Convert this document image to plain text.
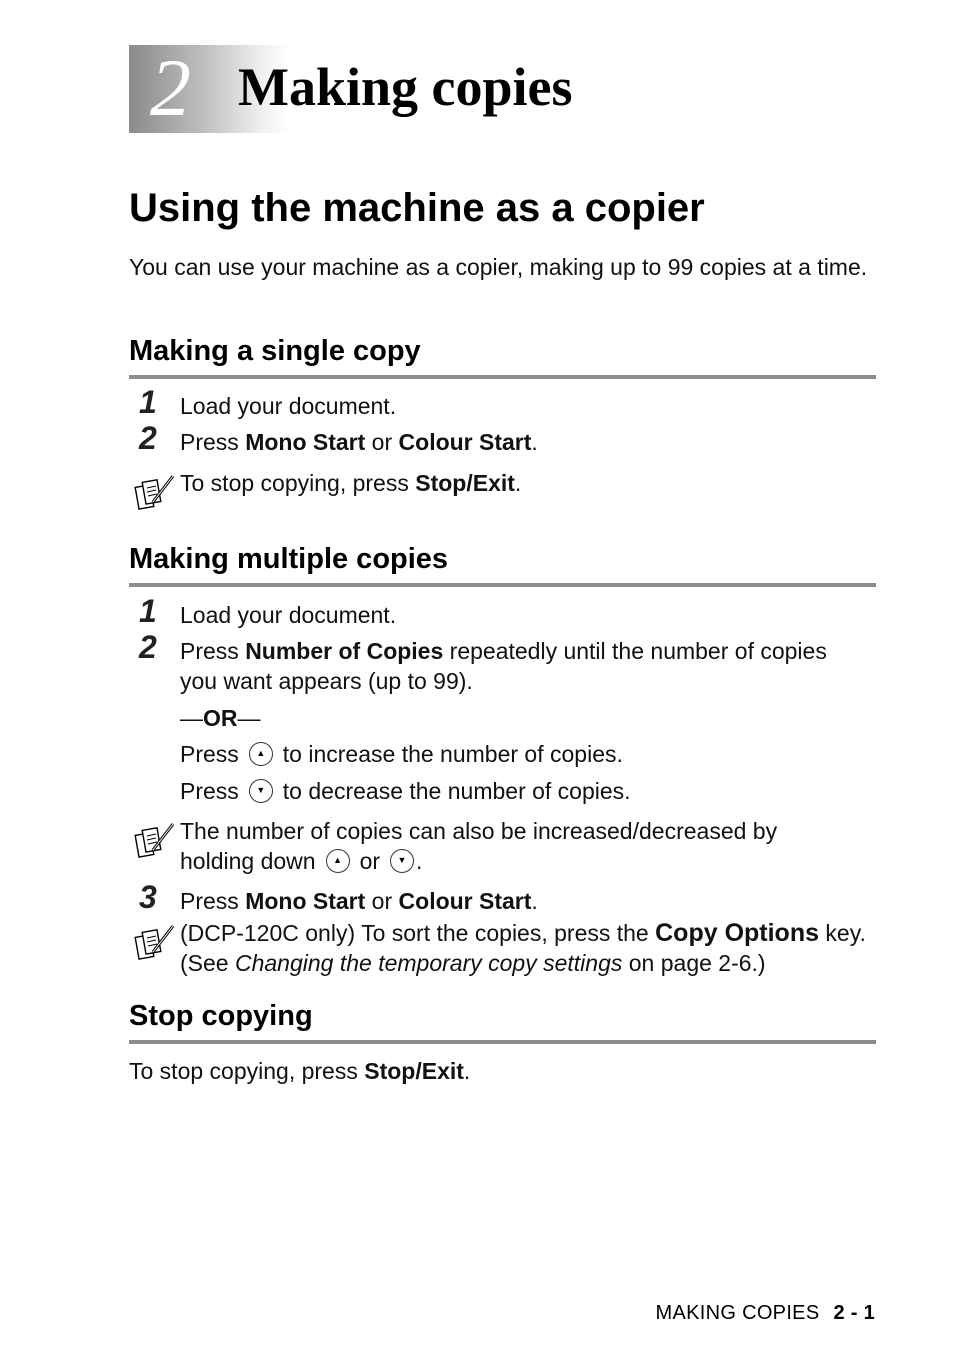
2 Making copies
Using the machine as a copier

You can use your machine as a copier, making up to 99 copies at a time.

Making a single copy
1 Load your document.

2 Press Mono Start or Colour Start.

To stop copying, press Stop/Exit.

Making multiple copies
1 Load your document.

2 Press Number of Copies repeatedly until the number of copies you want appears (up to 99).

—OR—

Press	▲ to increase the number of copies.

Press	▼ to decrease the number of copies.

The number of copies can also be increased/decreased by

holding down	▲ or	▼ .

3 Press Mono Start or Colour Start.

(DCP-120C only) To sort the copies, press the Copy Options key. (See Changing the temporary copy settings on page 2-6.)

Stop copying

To stop copying, press Stop/Exit.

MAKING COPIES 2 - 1
